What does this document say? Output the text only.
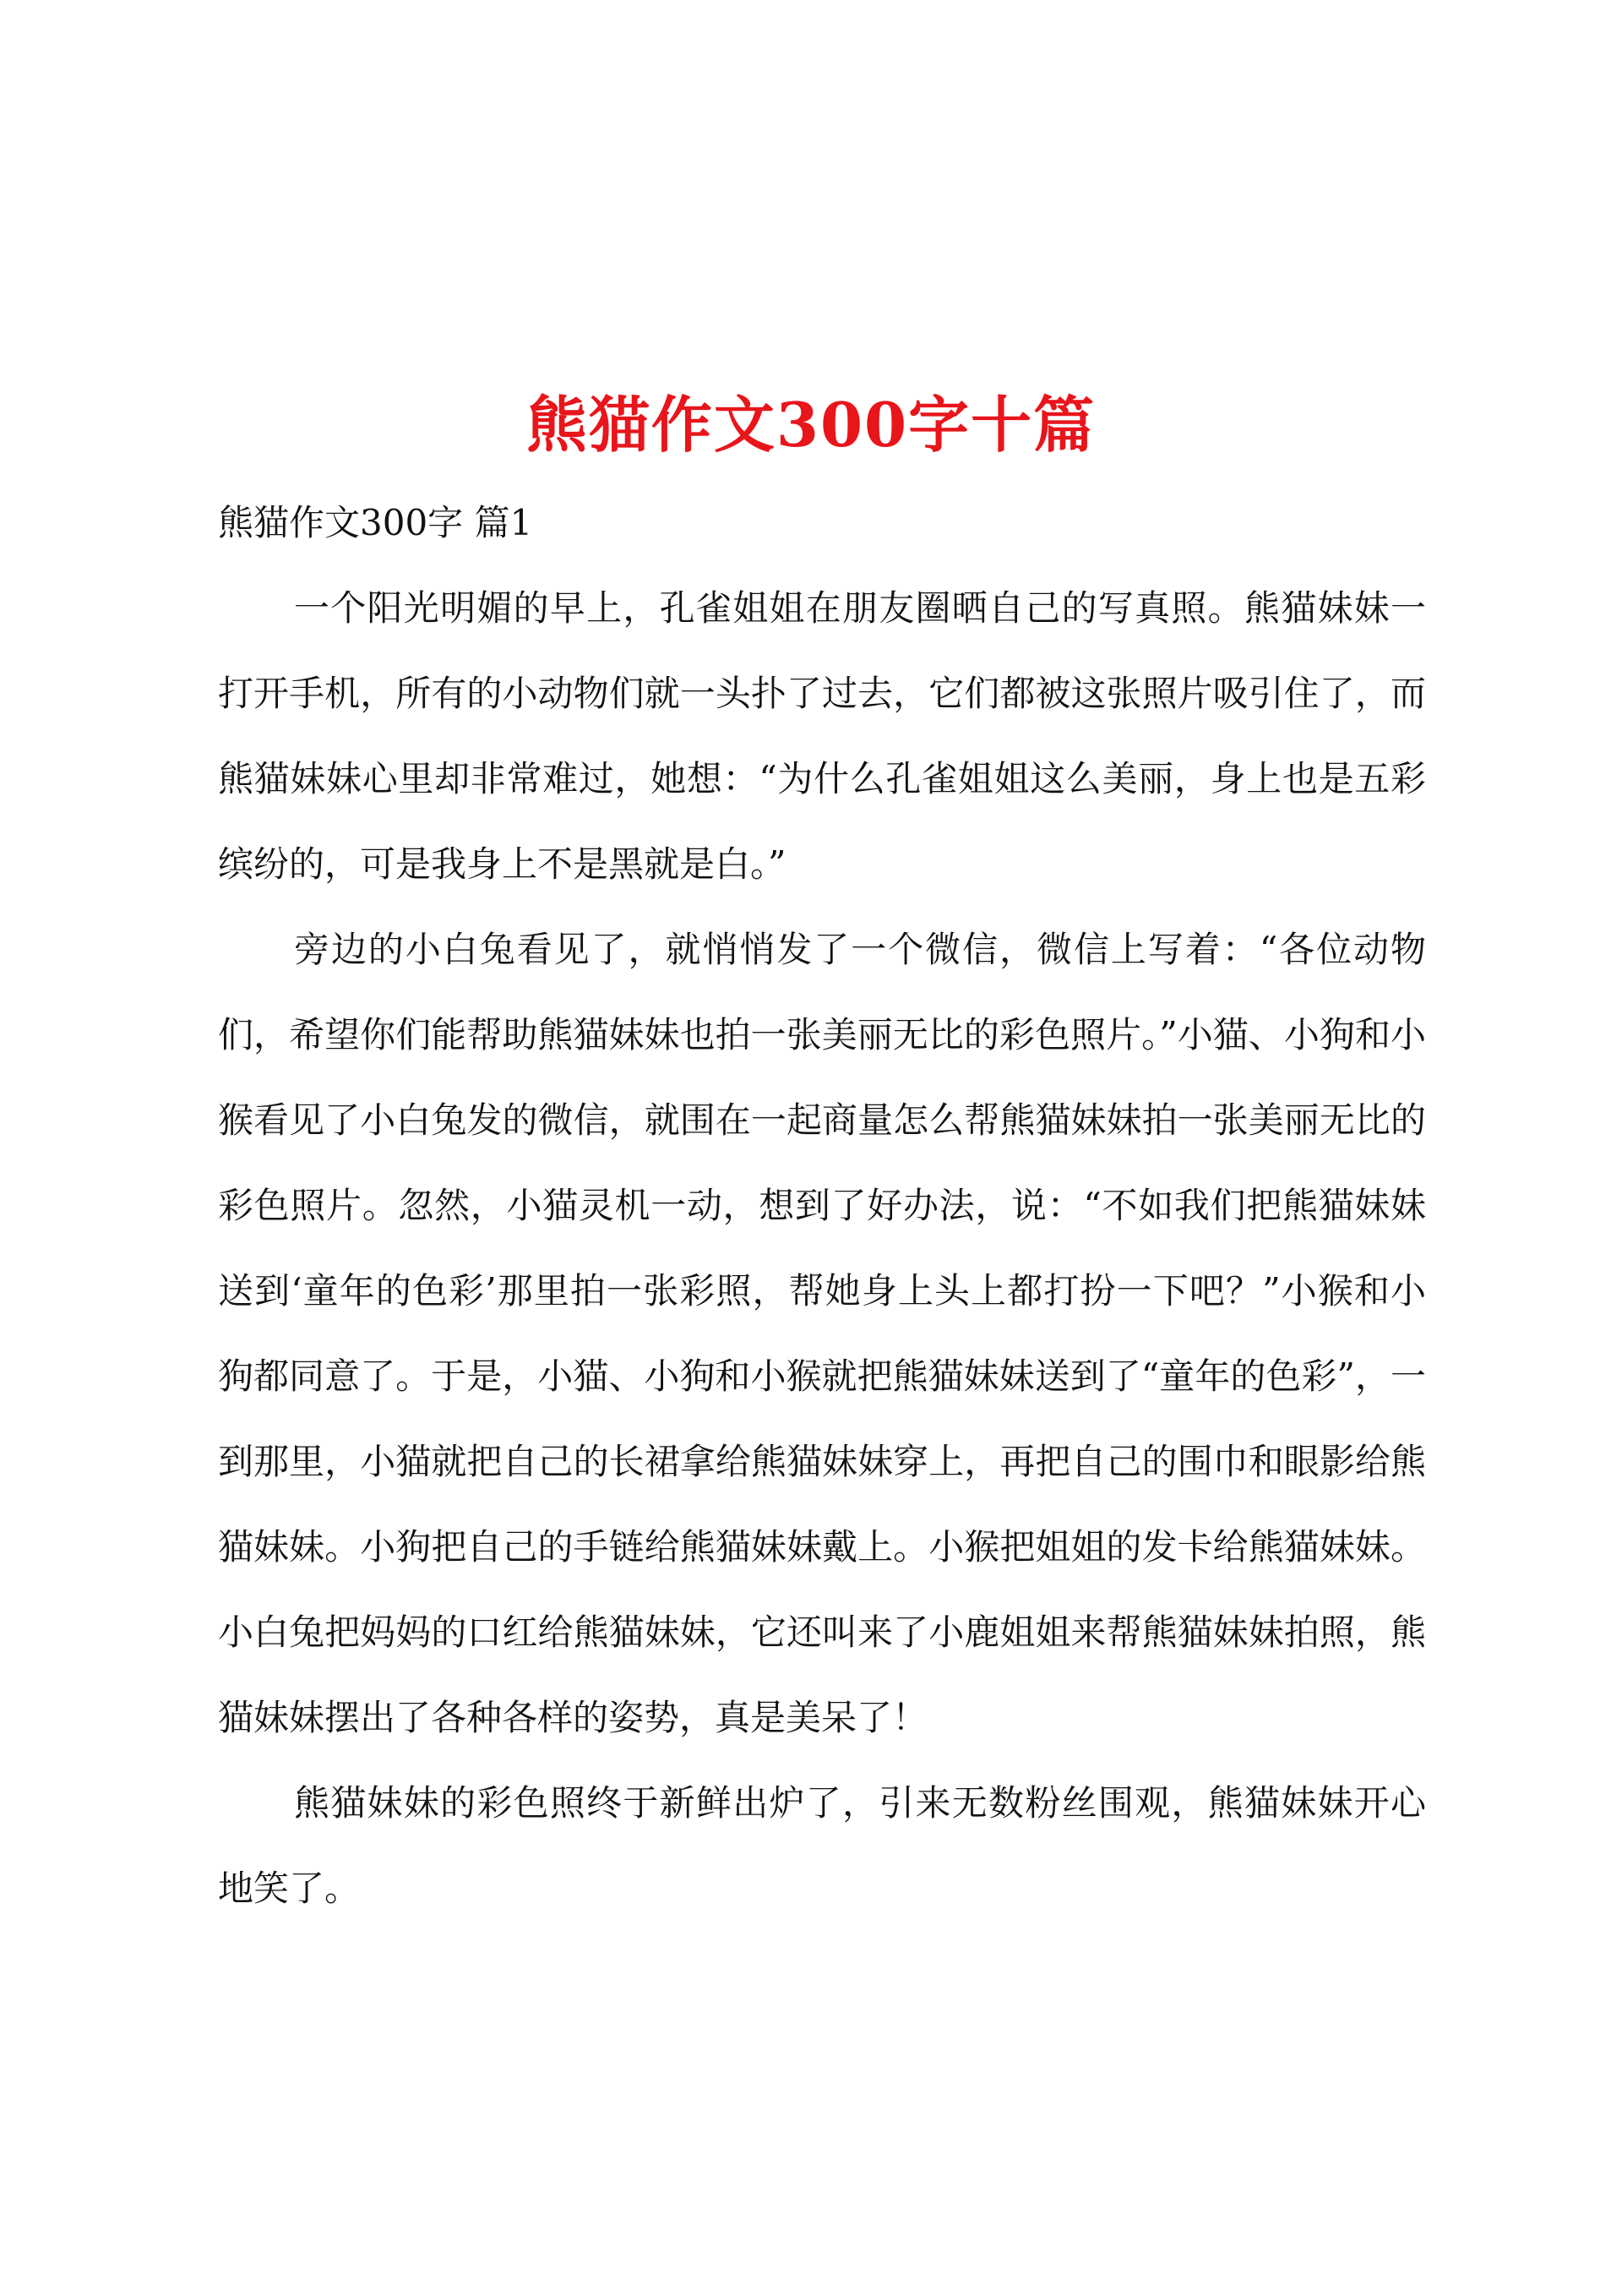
熊猫作文300字十篇
熊猫作文300字 篇1

一个阳光明媚的早上，孔雀姐姐在朋友圈晒自己的写真照。熊猫妹妹一打开手机，所有的小动物们就一头扑了过去，它们都被这张照片吸引住了，而熊猫妹妹心里却非常难过，她想：“为什么孔雀姐姐这么美丽，身上也是五彩缤纷的，可是我身上不是黑就是白。”

旁边的小白兔看见了，就悄悄发了一个微信，微信上写着：“各位动物们，希望你们能帮助熊猫妹妹也拍一张美丽无比的彩色照片。”小猫、小狗和小猴看见了小白兔发的微信，就围在一起商量怎么帮熊猫妹妹拍一张美丽无比的彩色照片。忽然，小猫灵机一动，想到了好办法，说：“不如我们把熊猫妹妹送到‘童年的色彩’那里拍一张彩照，帮她身上头上都打扮一下吧？”小猴和小狗都同意了。于是，小猫、小狗和小猴就把熊猫妹妹送到了“童年的色彩”，一到那里，小猫就把自己的长裙拿给熊猫妹妹穿上，再把自己的围巾和眼影给熊猫妹妹。小狗把自己的手链给熊猫妹妹戴上。小猴把姐姐的发卡给熊猫妹妹。小白兔把妈妈的口红给熊猫妹妹，它还叫来了小鹿姐姐来帮熊猫妹妹拍照，熊猫妹妹摆出了各种各样的姿势，真是美呆了！

熊猫妹妹的彩色照终于新鲜出炉了，引来无数粉丝围观，熊猫妹妹开心地笑了。
